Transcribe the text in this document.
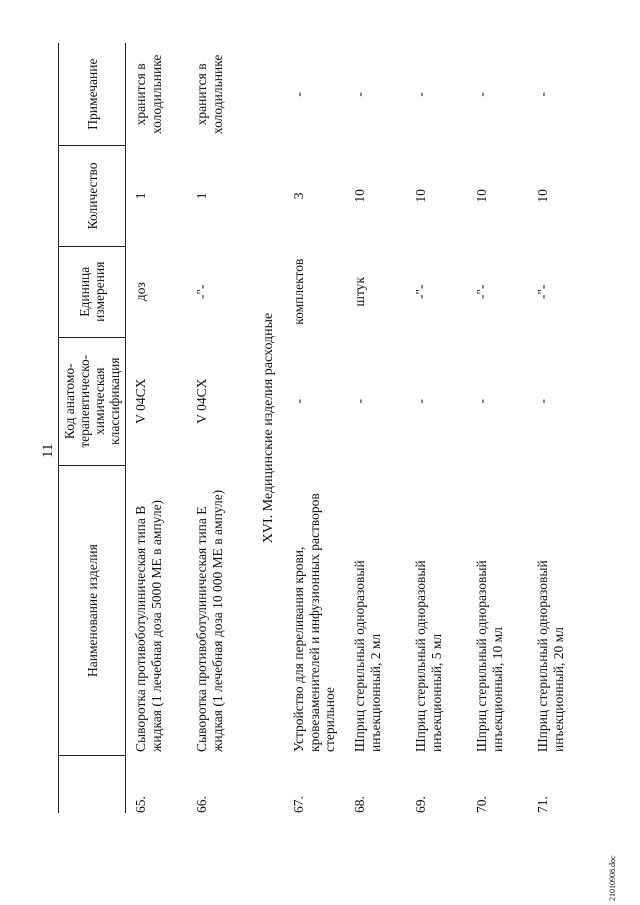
11
	Наименование изделия	Код анатомо-терапевтическо-химическая классификация	Единица измерения	Количество	Примечание
65.	Сыворотка противоботулиническая типа В жидкая (1 лечебная доза 5000 МЕ в ампуле)	V 04CX	доз	1	хранится в холодильнике
66.	Сыворотка противоботулиническая типа Е жидкая (1 лечебная доза 10 000 МЕ в ампуле)	V 04CX	-"-	1	хранится в холодильнике
XVI. Медицинские изделия расходные					
67.	Устройство для переливания крови, кровезаменителей и инфузионных растворов стерильное	-	комплектов	3	-
68.	Шприц стерильный одноразовый инъекционный, 2 мл	-	штук	10	-
69.	Шприц стерильный одноразовый инъекционный, 5 мл	-	-"-	10	-
70.	Шприц стерильный одноразовый инъекционный, 10 мл	-	-"-	10	-
71.	Шприц стерильный одноразовый инъекционный, 20 мл	-	-"-	10	-
21010908.doc
